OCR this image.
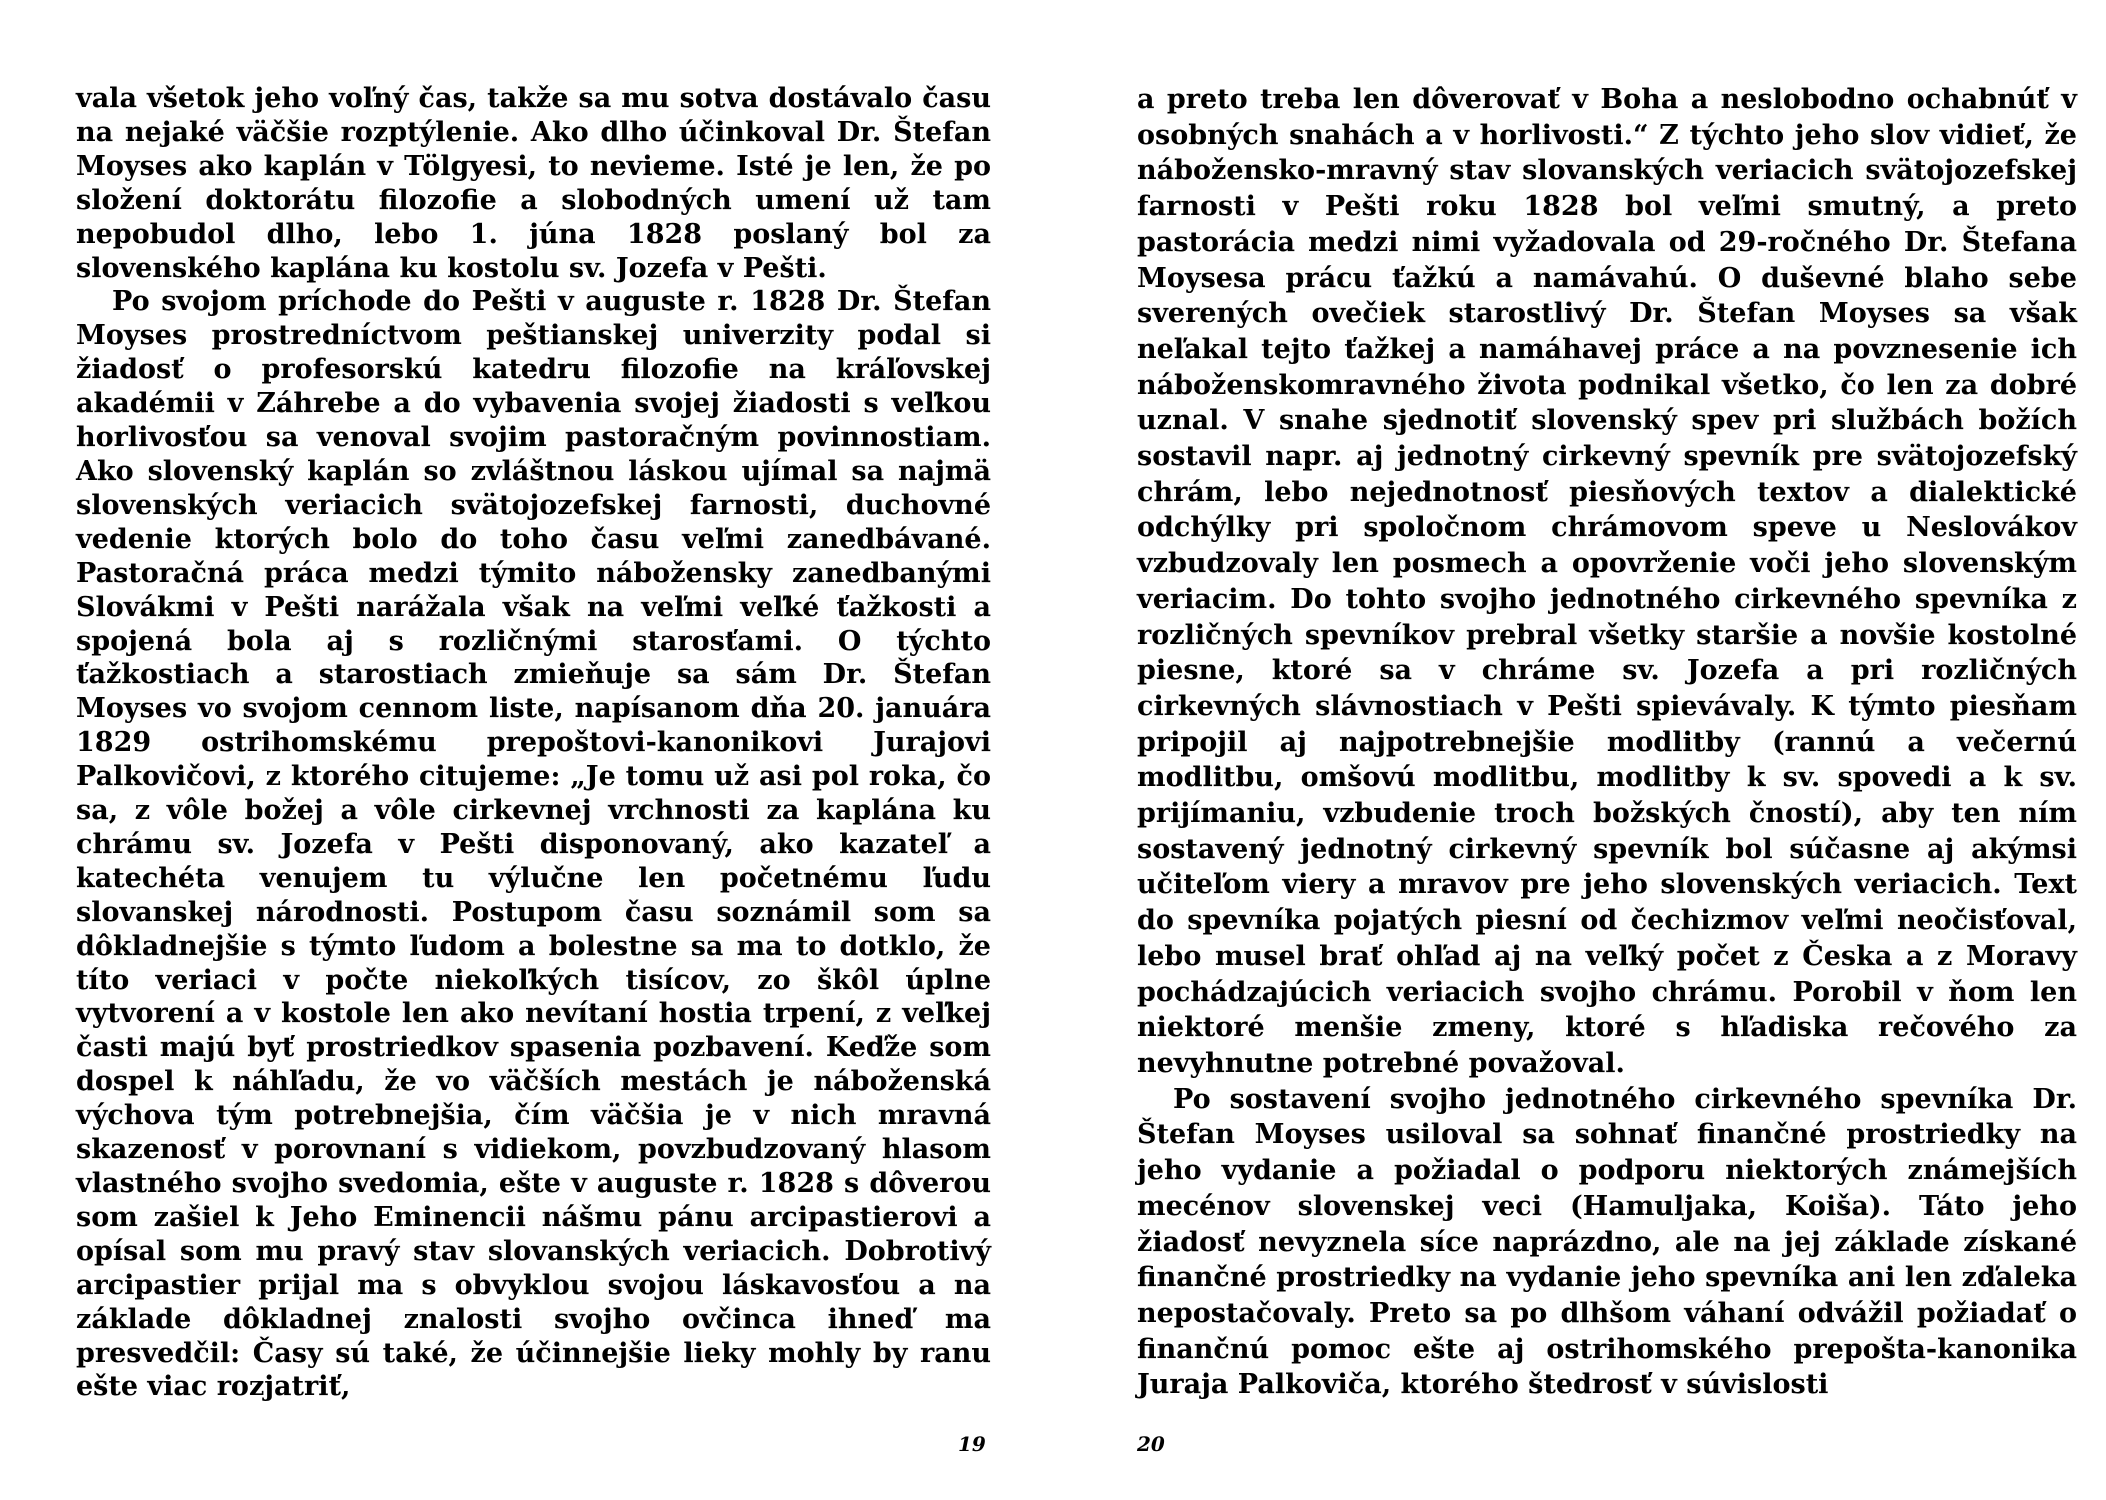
vala všetok jeho voľný čas, takže sa mu sotva dostávalo času na nejaké väčšie rozptýlenie. Ako dlho účinkoval Dr. Štefan Moyses ako kaplán v Tölgyesi, to nevieme. Isté je len, že po složení doktorátu filozofie a slobodných umení už tam nepobudol dlho, lebo 1. júna 1828 poslaný bol za slovenského kaplána ku kostolu sv. Jozefa v Pešti.

Po svojom príchode do Pešti v auguste r. 1828 Dr. Štefan Moyses prostredníctvom peštianskej univerzity podal si žiadosť o profesorskú katedru filozofie na kráľovskej akadémii v Záhrebe a do vybavenia svojej žiadosti s veľkou horlivosťou sa venoval svojim pastoračným povinnostiam. Ako slovenský kaplán so zvláštnou láskou ujímal sa najmä slovenských veriacich svätojozefskej farnosti, duchovné vedenie ktorých bolo do toho času veľmi zanedbávané. Pastoračná práca medzi týmito nábožensky zanedbanými Slovákmi v Pešti narážala však na veľmi veľké ťažkosti a spojená bola aj s rozličnými starosťami. O týchto ťažkostiach a starostiach zmieňuje sa sám Dr. Štefan Moyses vo svojom cennom liste, napísanom dňa 20. januára 1829 ostrihomskému prepoštovi-kanonikovi Jurajovi Palkovičovi, z ktorého citujeme: „Je tomu už asi pol roka, čo sa, z vôle božej a vôle cirkevnej vrchnosti za kaplána ku chrámu sv. Jozefa v Pešti disponovaný, ako kazateľ a katechéta venujem tu výlučne len početnému ľudu slovanskej národnosti. Postupom času soznámil som sa dôkladnejšie s týmto ľudom a bolestne sa ma to dotklo, že títo veriaci v počte niekoľkých tisícov, zo škôl úplne vytvorení a v kostole len ako nevítaní hostia trpení, z veľkej časti majú byť prostriedkov spasenia pozbavení. Keďže som dospel k náhľadu, že vo väčších mestách je náboženská výchova tým potrebnejšia, čím väčšia je v nich mravná skazenosť v porovnaní s vidiekom, povzbudzovaný hlasom vlastného svojho svedomia, ešte v auguste r. 1828 s dôverou som zašiel k Jeho Eminencii nášmu pánu arcipastierovi a opísal som mu pravý stav slovanských veriacich. Dobrotivý arcipastier prijal ma s obvyklou svojou láskavosťou a na základe dôkladnej znalosti svojho ovčinca ihneď ma presvedčil: Časy sú také, že účinnejšie lieky mohly by ranu ešte viac rozjatriť,

19

a preto treba len dôverovať v Boha a neslobodno ochabnúť v osobných snahách a v horlivosti.“ Z týchto jeho slov vidieť, že nábožensko-mravný stav slovanských veriacich svätojozefskej farnosti v Pešti roku 1828 bol veľmi smutný, a preto pastorácia medzi nimi vyžadovala od 29-ročného Dr. Štefana Moysesa prácu ťažkú a namávahú. O duševné blaho sebe sverených ovečiek starostlivý Dr. Štefan Moyses sa však neľakal tejto ťažkej a namáhavej práce a na povznesenie ich náboženskomravného života podnikal všetko, čo len za dobré uznal. V snahe sjednotiť slovenský spev pri službách božích sostavil napr. aj jednotný cirkevný spevník pre svätojozefský chrám, lebo nejednotnosť piesňových textov a dialektické odchýlky pri spoločnom chrámovom speve u Neslovákov vzbudzovaly len posmech a opovrženie voči jeho slovenským veriacim. Do tohto svojho jednotného cirkevného spevníka z rozličných spevníkov prebral všetky staršie a novšie kostolné piesne, ktoré sa v chráme sv. Jozefa a pri rozličných cirkevných slávnostiach v Pešti spievávaly. K týmto piesňam pripojil aj najpotrebnejšie modlitby (rannú a večernú modlitbu, omšovú modlitbu, modlitby k sv. spovedi a k sv. prijímaniu, vzbudenie troch božských čností), aby ten ním sostavený jednotný cirkevný spevník bol súčasne aj akýmsi učiteľom viery a mravov pre jeho slovenských veriacich. Text do spevníka pojatých piesní od čechizmov veľmi neočisťoval, lebo musel brať ohľad aj na veľký počet z Česka a z Moravy pochádzajúcich veriacich svojho chrámu. Porobil v ňom len niektoré menšie zmeny, ktoré s hľadiska rečového za nevyhnutne potrebné považoval.

Po sostavení svojho jednotného cirkevného spevníka Dr. Štefan Moyses usiloval sa sohnať finančné prostriedky na jeho vydanie a požiadal o podporu niektorých známejších mecénov slovenskej veci (Hamuljaka, Koiša). Táto jeho žiadosť nevyznela síce naprázdno, ale na jej základe získané finančné prostriedky na vydanie jeho spevníka ani len zďaleka nepostačovaly. Preto sa po dlhšom váhaní odvážil požiadať o finančnú pomoc ešte aj ostrihomského prepošta-kanonika Juraja Palkoviča, ktorého štedrosť v súvislosti

20
